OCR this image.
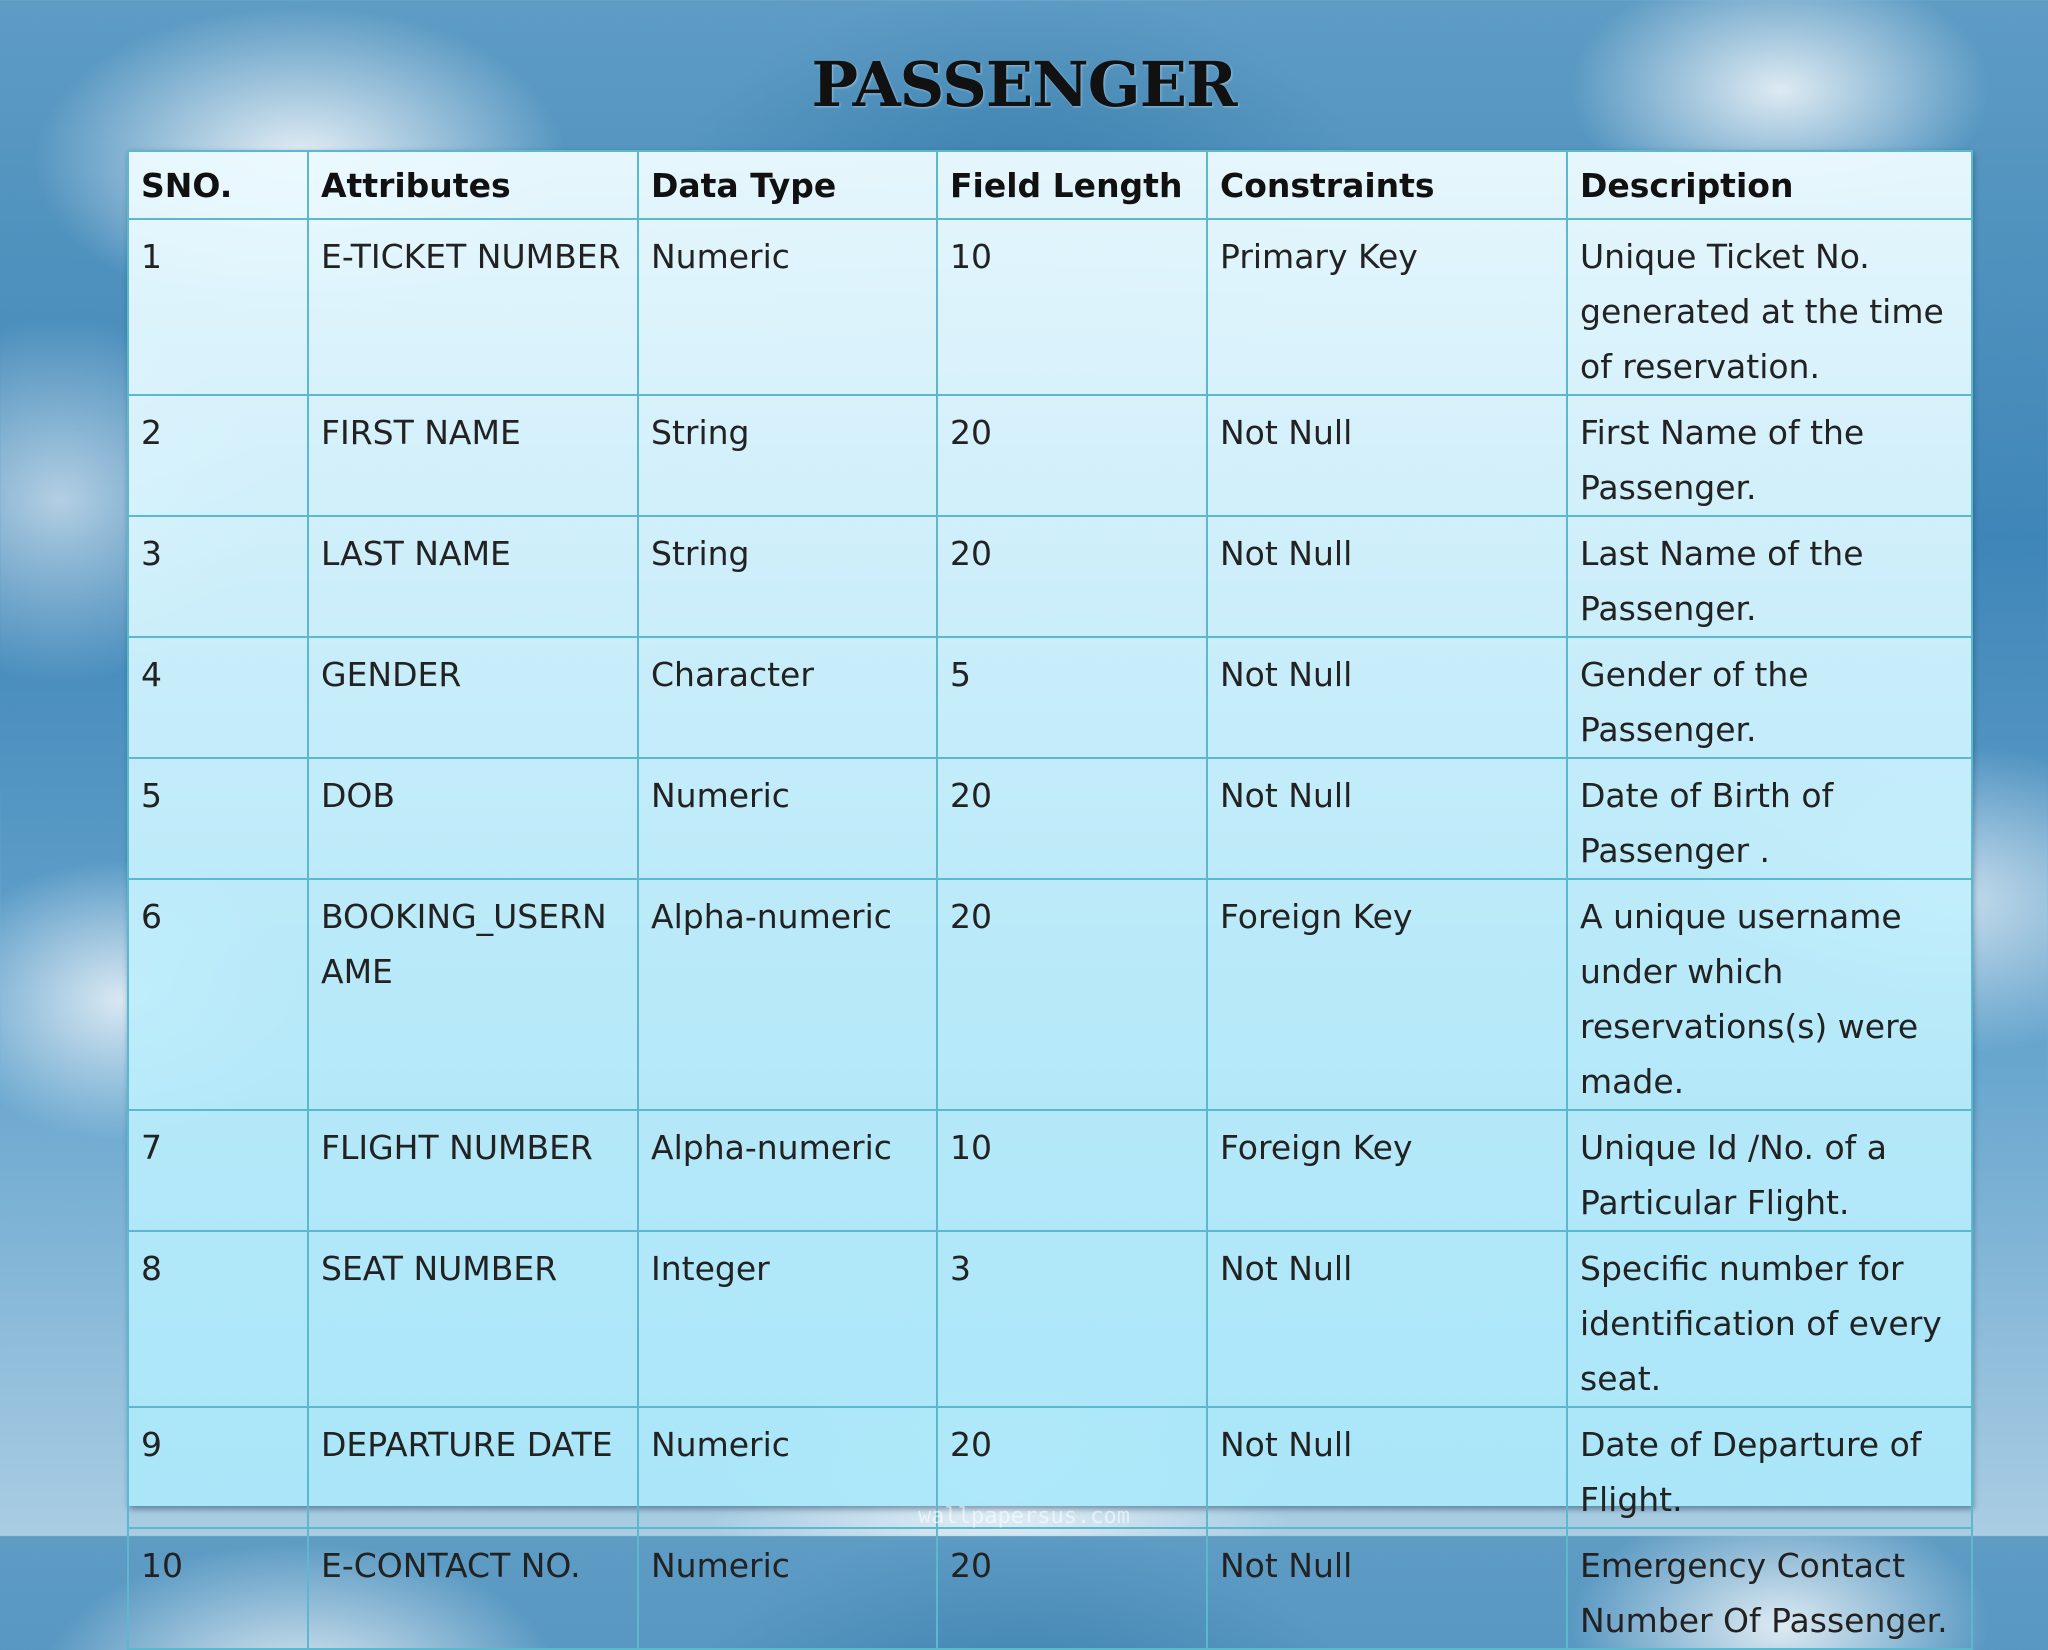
PASSENGER
SNO.	Attributes	Data Type	Field Length	Constraints	Description
1	E-TICKET NUMBER	Numeric	10	Primary Key	Unique Ticket No. generated at the time of reservation.
2	FIRST NAME	String	20	Not Null	First Name of the Passenger.
3	LAST NAME	String	20	Not Null	Last Name of the Passenger.
4	GENDER	Character	5	Not Null	Gender of the Passenger.
5	DOB	Numeric	20	Not Null	Date of Birth of Passenger .
6	BOOKING_USERNAME	Alpha-numeric	20	Foreign Key	A unique username under which reservations(s) were made.
7	FLIGHT NUMBER	Alpha-numeric	10	Foreign Key	Unique Id /No. of a Particular Flight.
8	SEAT NUMBER	Integer	3	Not Null	Specific number for identification of every seat.
9	DEPARTURE DATE	Numeric	20	Not Null	Date of Departure of Flight.
10	E-CONTACT NO.	Numeric	20	Not Null	Emergency Contact Number Of Passenger.
wallpapersus.com
